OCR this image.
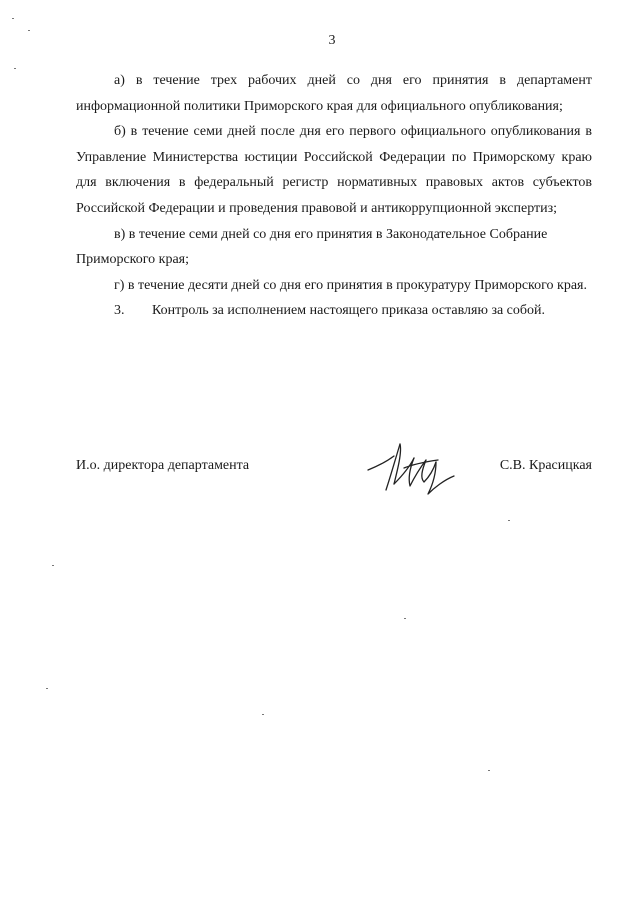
3

а) в течение трех рабочих дней со дня его принятия в департамент информационной политики Приморского края для официального опубликования;

б) в течение семи дней после дня его первого официального опубликования в Управление Министерства юстиции Российской Федерации по Приморскому краю для включения в федеральный регистр нормативных правовых актов субъектов Российской Федерации и проведения правовой и антикоррупционной экспертиз;

в) в течение семи дней со дня его принятия в Законодательное Собрание Приморского края;

г) в течение десяти дней со дня его принятия в прокуратуру Приморского края.

3.	Контроль за исполнением настоящего приказа оставляю за собой.

И.о. директора департамента	С.В. Красицкая
